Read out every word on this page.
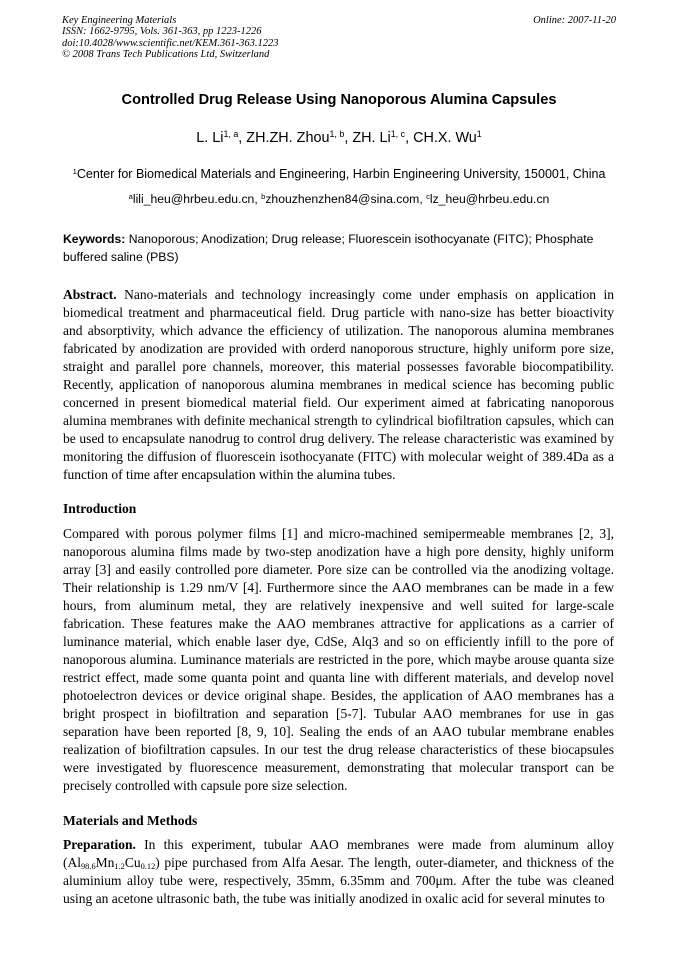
Key Engineering Materials
ISSN: 1662-9795, Vols. 361-363, pp 1223-1226
doi:10.4028/www.scientific.net/KEM.361-363.1223
© 2008 Trans Tech Publications Ltd, Switzerland
Online: 2007-11-20
Controlled Drug Release Using Nanoporous Alumina Capsules
L. Li$^{1, a}$, ZH.ZH. Zhou$^{1, b}$, ZH. Li$^{1, c}$, CH.X. Wu$^1$
$^1$Center for Biomedical Materials and Engineering, Harbin Engineering University, 150001, China
$^a$lili_heu@hrbeu.edu.cn, $^b$zhouzhenzhen84@sina.com, $^c$lz_heu@hrbeu.edu.cn
Keywords: Nanoporous; Anodization; Drug release; Fluorescein isothocyanate (FITC); Phosphate buffered saline (PBS)
Abstract. Nano-materials and technology increasingly come under emphasis on application in biomedical treatment and pharmaceutical field. Drug particle with nano-size has better bioactivity and absorptivity, which advance the efficiency of utilization. The nanoporous alumina membranes fabricated by anodization are provided with orderd nanoporous structure, highly uniform pore size, straight and parallel pore channels, moreover, this material possesses favorable biocompatibility. Recently, application of nanoporous alumina membranes in medical science has becoming public concerned in present biomedical material field. Our experiment aimed at fabricating nanoporous alumina membranes with definite mechanical strength to cylindrical biofiltration capsules, which can be used to encapsulate nanodrug to control drug delivery. The release characteristic was examined by monitoring the diffusion of fluorescein isothocyanate (FITC) with molecular weight of 389.4Da as a function of time after encapsulation within the alumina tubes.
Introduction
Compared with porous polymer films [1] and micro-machined semipermeable membranes [2, 3], nanoporous alumina films made by two-step anodization have a high pore density, highly uniform array [3] and easily controlled pore diameter. Pore size can be controlled via the anodizing voltage. Their relationship is 1.29 nm/V [4]. Furthermore since the AAO membranes can be made in a few hours, from aluminum metal, they are relatively inexpensive and well suited for large-scale fabrication. These features make the AAO membranes attractive for applications as a carrier of luminance material, which enable laser dye, CdSe, Alq3 and so on efficiently infill to the pore of nanoporous alumina. Luminance materials are restricted in the pore, which maybe arouse quanta size restrict effect, made some quanta point and quanta line with different materials, and develop novel photoelectron devices or device original shape. Besides, the application of AAO membranes has a bright prospect in biofiltration and separation [5-7]. Tubular AAO membranes for use in gas separation have been reported [8, 9, 10]. Sealing the ends of an AAO tubular membrane enables realization of biofiltration capsules. In our test the drug release characteristics of these biocapsules were investigated by fluorescence measurement, demonstrating that molecular transport can be precisely controlled with capsule pore size selection.
Materials and Methods
Preparation. In this experiment, tubular AAO membranes were made from aluminum alloy $(Al_{98.6}Mn_{1.2}Cu_{0.12})$ pipe purchased from Alfa Aesar. The length, outer-diameter, and thickness of the aluminium alloy tube were, respectively, 35mm, 6.35mm and 700μm. After the tube was cleaned using an acetone ultrasonic bath, the tube was initially anodized in oxalic acid for several minutes to
